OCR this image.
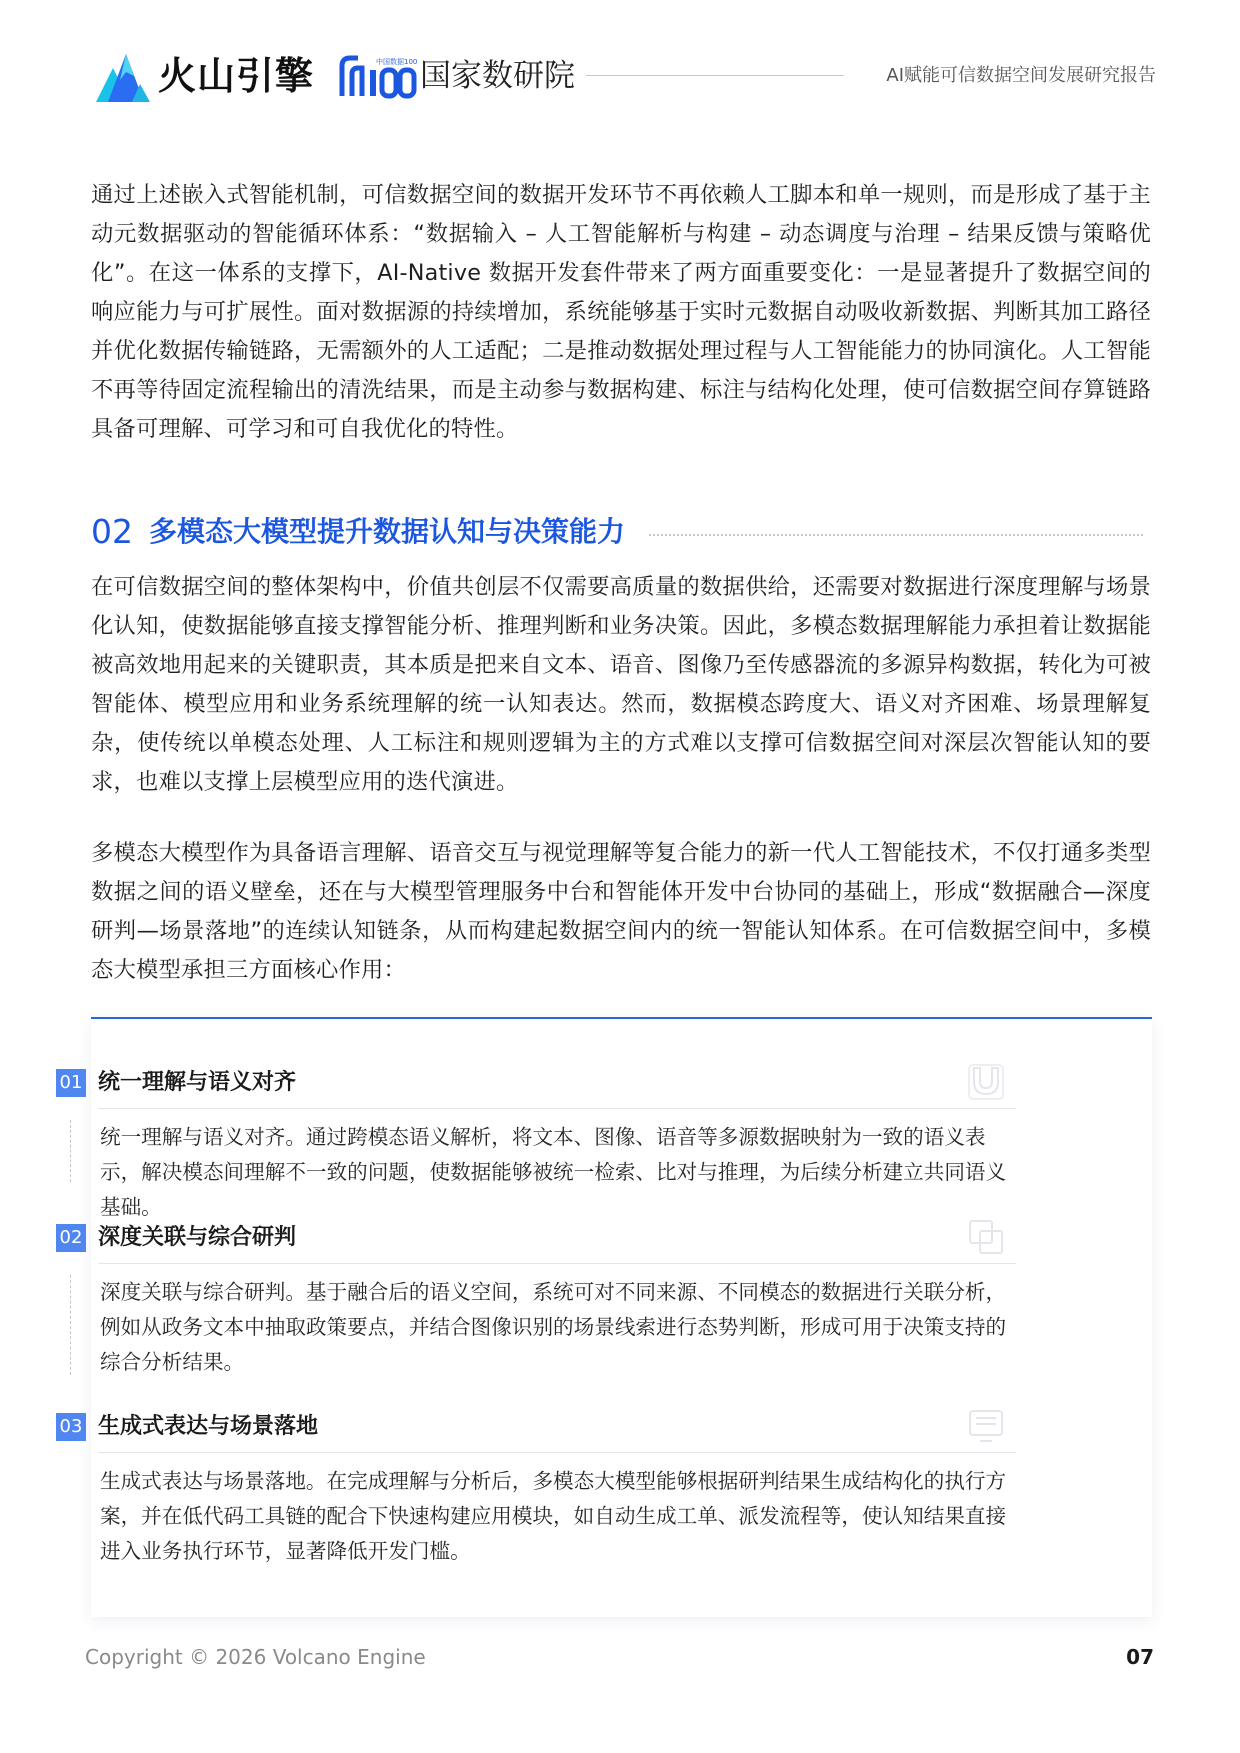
火山引擎	中国数据100 国家数研院	AI赋能可信数据空间发展研究报告

通过上述嵌入式智能机制，可信数据空间的数据开发环节不再依赖人工脚本和单一规则，而是形成了基于主动元数据驱动的智能循环体系：“数据输入 – 人工智能解析与构建 – 动态调度与治理 – 结果反馈与策略优化”。在这一体系的支撑下，AI-Native 数据开发套件带来了两方面重要变化：一是显著提升了数据空间的响应能力与可扩展性。面对数据源的持续增加，系统能够基于实时元数据自动吸收新数据、判断其加工路径并优化数据传输链路，无需额外的人工适配；二是推动数据处理过程与人工智能能力的协同演化。人工智能不再等待固定流程输出的清洗结果，而是主动参与数据构建、标注与结构化处理，使可信数据空间存算链路具备可理解、可学习和可自我优化的特性。

02 多模态大模型提升数据认知与决策能力

在可信数据空间的整体架构中，价值共创层不仅需要高质量的数据供给，还需要对数据进行深度理解与场景化认知，使数据能够直接支撑智能分析、推理判断和业务决策。因此，多模态数据理解能力承担着让数据能被高效地用起来的关键职责，其本质是把来自文本、语音、图像乃至传感器流的多源异构数据，转化为可被智能体、模型应用和业务系统理解的统一认知表达。然而，数据模态跨度大、语义对齐困难、场景理解复杂，使传统以单模态处理、人工标注和规则逻辑为主的方式难以支撑可信数据空间对深层次智能认知的要求，也难以支撑上层模型应用的迭代演进。

多模态大模型作为具备语言理解、语音交互与视觉理解等复合能力的新一代人工智能技术，不仅打通多类型数据之间的语义壁垒，还在与大模型管理服务中台和智能体开发中台协同的基础上，形成“数据融合—深度研判—场景落地”的连续认知链条，从而构建起数据空间内的统一智能认知体系。在可信数据空间中，多模态大模型承担三方面核心作用：

01 统一理解与语义对齐

统一理解与语义对齐。通过跨模态语义解析，将文本、图像、语音等多源数据映射为一致的语义表示，解决模态间理解不一致的问题，使数据能够被统一检索、比对与推理，为后续分析建立共同语义基础。

02 深度关联与综合研判

深度关联与综合研判。基于融合后的语义空间，系统可对不同来源、不同模态的数据进行关联分析，例如从政务文本中抽取政策要点，并结合图像识别的场景线索进行态势判断，形成可用于决策支持的综合分析结果。

03 生成式表达与场景落地

生成式表达与场景落地。在完成理解与分析后，多模态大模型能够根据研判结果生成结构化的执行方案，并在低代码工具链的配合下快速构建应用模块，如自动生成工单、派发流程等，使认知结果直接进入业务执行环节，显著降低开发门槛。

Copyright © 2026 Volcano Engine	07
